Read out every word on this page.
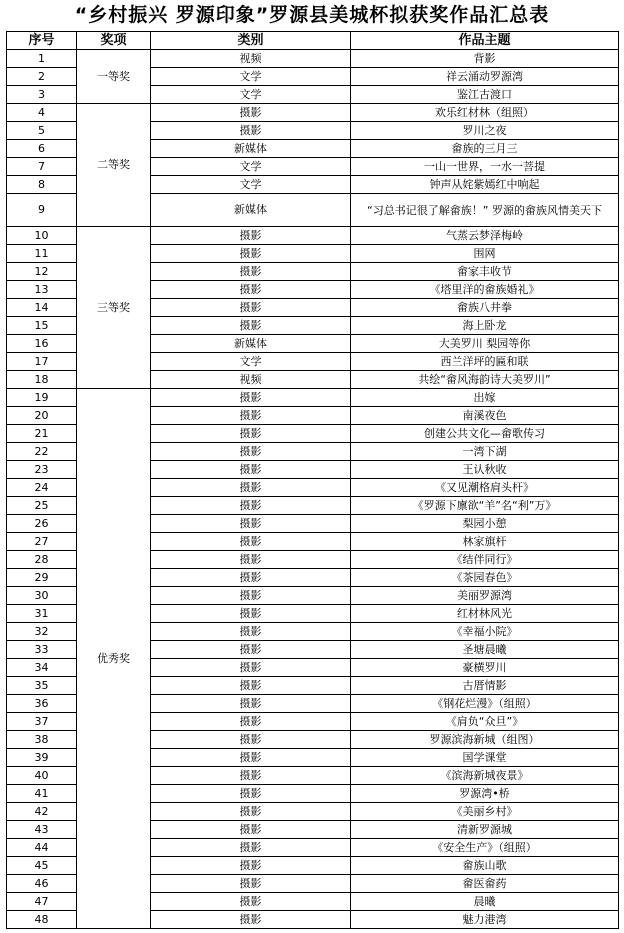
“乡村振兴 罗源印象”罗源县美城杯拟获奖作品汇总表
序号	奖项	类别	作品主题
1	一等奖	视频	背影
2		文学	祥云涌动罗源湾
3		文学	鉴江古渡口
4	二等奖	摄影	欢乐红材林（组照）
5		摄影	罗川之夜
6		新媒体	畲族的三月三
7		文学	一山一世界，一水一菩提
8		文学	钟声从姹紫嫣红中响起
9		新媒体	“习总书记很了解畲族！” 罗源的畲族风情美天下
10	三等奖	摄影	气蒸云梦泽梅岭
11		摄影	围网
12		摄影	畲家丰收节
13		摄影	《塔里洋的畲族婚礼》
14		摄影	畲族八井拳
15		摄影	海上卧龙
16		新媒体	大美罗川 梨园等你
17		文学	西兰洋坪的匾和联
18		视频	共绘“畲风海韵诗大美罗川”
19	优秀奖	摄影	出嫁
20		摄影	南溪夜色
21		摄影	创建公共文化—畲歌传习
22		摄影	一湾下湖
23		摄影	王认秋收
24		摄影	《又见潮格肩头杆》
25		摄影	《罗源下廪欲“羊”名“利”万》
26		摄影	梨园小憩
27		摄影	林家旗杆
28		摄影	《结伴同行》
29		摄影	《茶园春色》
30		摄影	美丽罗源湾
31		摄影	红材林风光
32		摄影	《幸福小院》
33		摄影	圣塘晨曦
34		摄影	豪横罗川
35		摄影	古厝情影
36		摄影	《钢花烂漫》（组照）
37		摄影	《肩负“众旦”》
38		摄影	罗源滨海新城（组图）
39		摄影	国学课堂
40		摄影	《滨海新城夜景》
41		摄影	罗源湾•桥
42		摄影	《美丽乡村》
43		摄影	清新罗源城
44		摄影	《安全生产》（组照）
45		摄影	畲族山歌
46		摄影	畲医畲药
47		摄影	晨曦
48		摄影	魅力港湾
